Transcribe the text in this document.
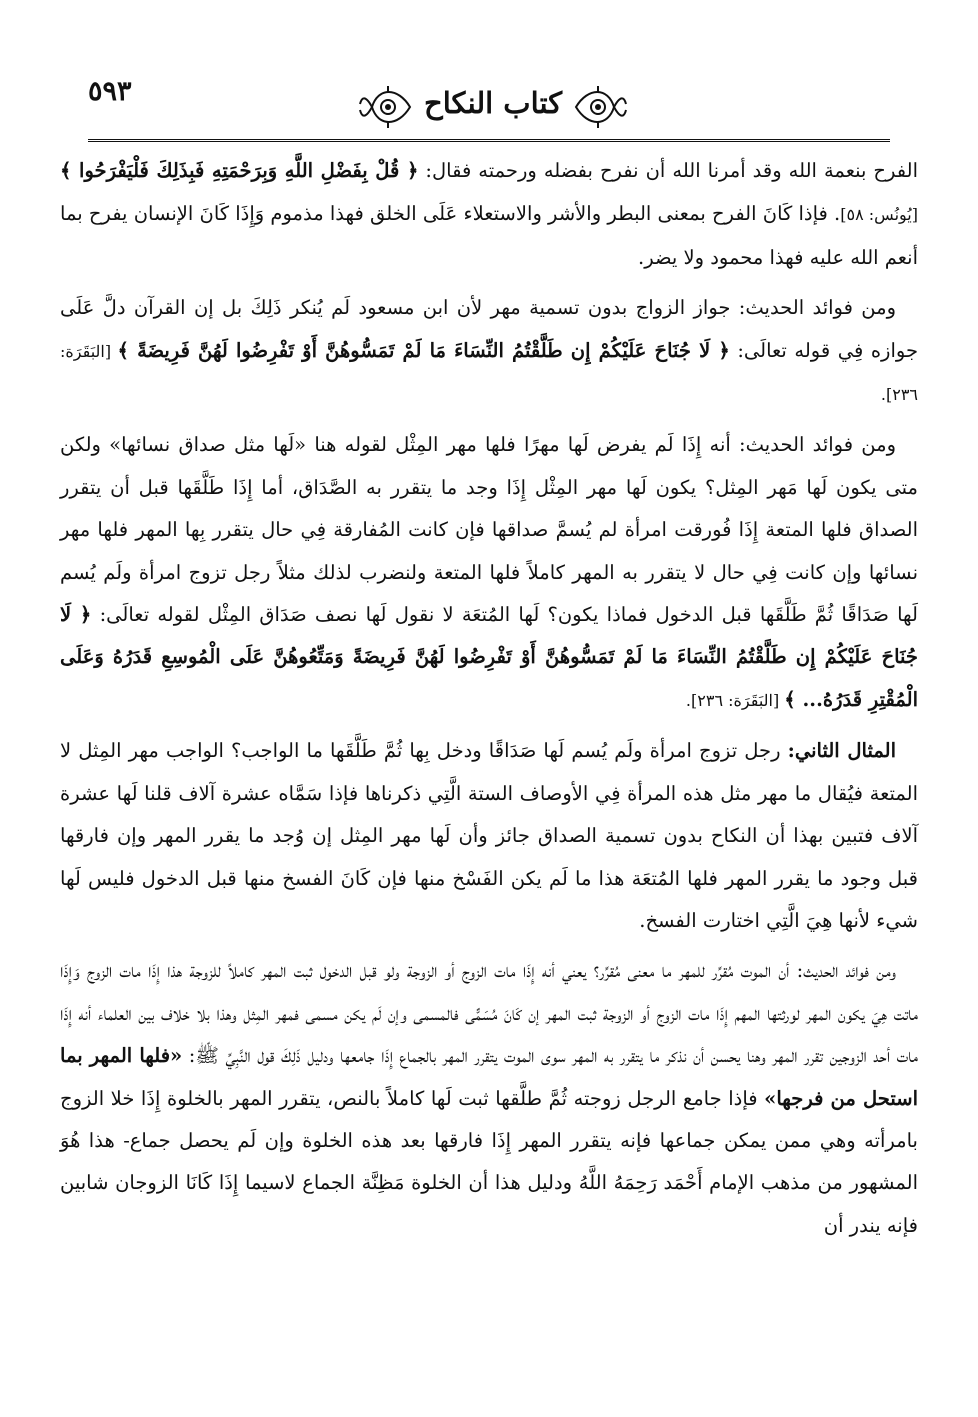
٥٩٣	كتاب النكاح

الفرح بنعمة الله وقد أمرنا الله أن نفرح بفضله ورحمته فقال: ﴿ قُلْ بِفَضْلِ اللَّهِ وَبِرَحْمَتِهِ فَبِذَلِكَ فَلْيَفْرَحُوا ﴾ [يُونُس: ٥٨]. فإذا كَانَ الفرح بمعنى البطر والأشر والاستعلاء عَلَى الخلق فهذا مذموم وَإِذَا كَانَ الإنسان يفرح بما أنعم الله عليه فهذا محمود ولا يضر.

ومن فوائد الحديث: جواز الزواج بدون تسمية مهر لأن ابن مسعود لَم يُنكر ذَلِكَ بل إن القرآن دلَّ عَلَى جوازه فِي قوله تعالَى: ﴿ لَا جُنَاحَ عَلَيْكُمْ إِن طَلَّقْتُمُ النِّسَاءَ مَا لَمْ تَمَسُّوهُنَّ أَوْ تَفْرِضُوا لَهُنَّ فَرِيضَةً ﴾ [البَقَرَة: ٢٣٦].

ومن فوائد الحديث: أنه إِذَا لَم يفرض لَها مهرًا فلها مهر المِثْل لقوله هنا «لَها مثل صداق نسائها» ولكن متى يكون لَها مَهر المِثل؟ يكون لَها مهر المِثْل إِذَا وجد ما يتقرر به الصَّدَاق، أما إِذَا طَلَّقَها قبل أن يتقرر الصداق فلها المتعة إِذَا فُورقت امرأة لم يُسمَّ صداقها فإن كانت المُفارقة فِي حال يتقرر بِها المهر فلها مهر نسائها وإن كانت فِي حال لا يتقرر به المهر كاملاً فلها المتعة ولنضرب لذلك مثلاً رجل تزوج امرأة ولَم يُسم لَها صَدَاقًا ثُمَّ طَلَّقَها قبل الدخول فماذا يكون؟ لَها المُتعَة لا نقول لَها نصف صَدَاق المِثْل لقوله تعالَى: ﴿ لَا جُنَاحَ عَلَيْكُمْ إِن طَلَّقْتُمُ النِّسَاءَ مَا لَمْ تَمَسُّوهُنَّ أَوْ تَفْرِضُوا لَهُنَّ فَرِيضَةً وَمَتِّعُوهُنَّ عَلَى الْمُوسِعِ قَدَرُهُ وَعَلَى الْمُقْتِرِ قَدَرُهُ... ﴾ [البَقَرَة: ٢٣٦].

المثال الثاني: رجل تزوج امرأة ولَم يُسم لَها صَدَاقًا ودخل بِها ثُمَّ طَلَّقَها ما الواجب؟ الواجب مهر المِثل لا المتعة فيُقال ما مهر مثل هذه المرأة فِي الأوصاف الستة الَّتِي ذكرناها فإذا سَمَّاه عشرة آلاف قلنا لَها عشرة آلاف فتبين بهذا أن النكاح بدون تسمية الصداق جائز وأن لَها مهر المِثل إن وُجد ما يقرر المهر وإن فارقها قبل وجود ما يقرر المهر فلها المُتعَة هذا ما لَم يكن الفَسْخ منها فإن كَانَ الفسخ منها قبل الدخول فليس لَها شيء لأنها هِيَ الَّتِي اختارت الفسخ.

ومن فوائد الحديث: أن الموت مُقرِّر للمهر ما معنى مُقرِّر؟ يعني أنه إِذَا مات الزوج أو الزوجة ولو قبل الدخول ثبت المهر كاملاً للزوجة هذا إِذَا مات الزوج وَإِذَا ماتت هِيَ يكون المهر لورثتها المهم إِذَا مات الزوج أو الزوجة ثبت المهر إن كَانَ مُسَمًّى فالمسمى وإن لَم يكن مسمى فمهر المِثل وهذا بلا خلاف بين العلماء أنه إِذَا مات أحد الزوجين تقرر المهر وهنا يحسن أن نذكر ما يتقرر به المهر سوى الموت يتقرر المهر بالجماع إِذَا جامعها ودليل ذَلِكَ قول النَّبِيِّ ﷺ: «فلها المهر بما استحل من فرجها» فإذا جامع الرجل زوجته ثُمَّ طلَّقها ثبت لَها كاملاً بالنص، يتقرر المهر بالخلوة إِذَا خلا الزوج بامرأته وهي ممن يمكن جماعها فإنه يتقرر المهر إِذَا فارقها بعد هذه الخلوة وإن لَم يحصل جماع- هذا هُوَ المشهور من مذهب الإمام أَحْمَد رَحِمَهُ اللَّهُ ودليل هذا أن الخلوة مَظِنَّة الجماع لاسيما إِذَا كَانَا الزوجان شابين فإنه يندر أن
